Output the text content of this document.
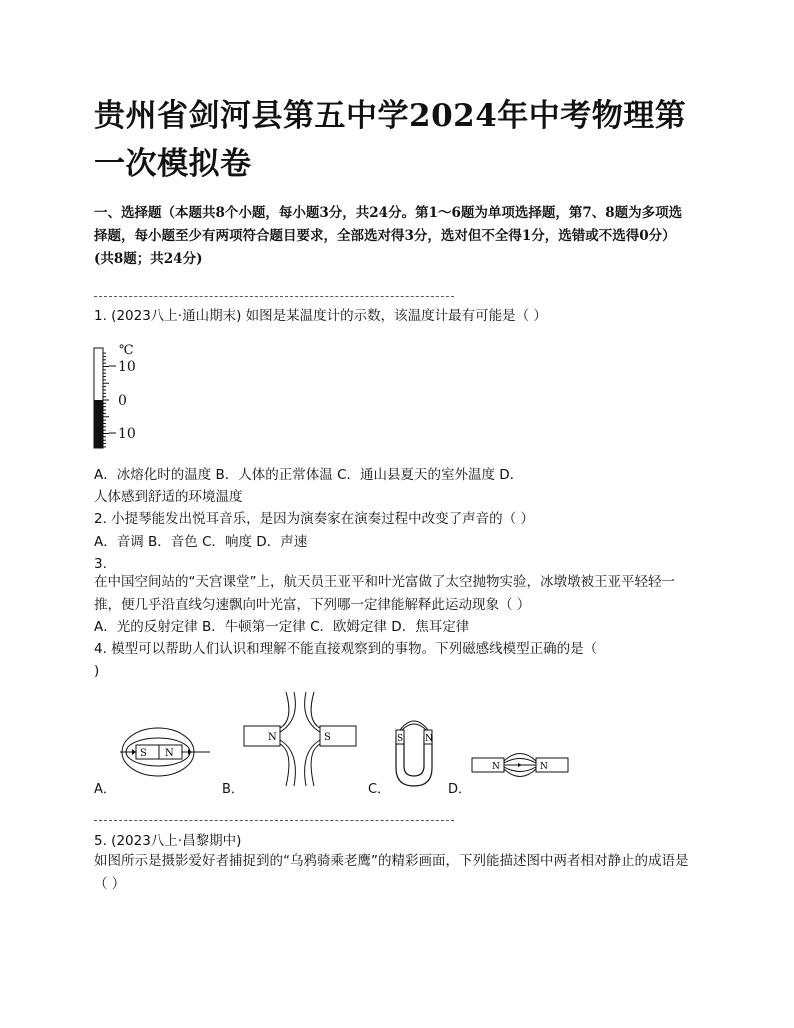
贵州省剑河县第五中学2024年中考物理第一次模拟卷
一、选择题（本题共8个小题，每小题3分，共24分。第1～6题为单项选择题，第7、8题为多项选择题，每小题至少有两项符合题目要求，全部选对得3分，选对但不全得1分，选错或不选得0分）(共8题；共24分)
1. (2023八上·通山期末) 如图是某温度计的示数，该温度计最有可能是（ ）
℃
10
0
10
A．冰熔化时的温度 B．人体的正常体温 C．通山县夏天的室外温度 D．
人体感到舒适的环境温度
2. 小提琴能发出悦耳音乐，是因为演奏家在演奏过程中改变了声音的（ ）
A．音调 B．音色 C．响度 D．声速
3.
在中国空间站的“天宫课堂”上，航天员王亚平和叶光富做了太空抛物实验，冰墩墩被王亚平轻轻一推，便几乎沿直线匀速飘向叶光富，下列哪一定律能解释此运动现象（ ）
A．光的反射定律 B．牛顿第一定律 C．欧姆定律 D．焦耳定律
4. 模型可以帮助人们认识和理解不能直接观察到的事物。下列磁感线模型正确的是（
)
S N
A．
N	S
B．
S N
C．
N	N
D．
5. (2023八上·昌黎期中)
如图所示是摄影爱好者捕捉到的“乌鸦骑乘老鹰”的精彩画面，下列能描述图中两者相对静止的成语是（ ）
